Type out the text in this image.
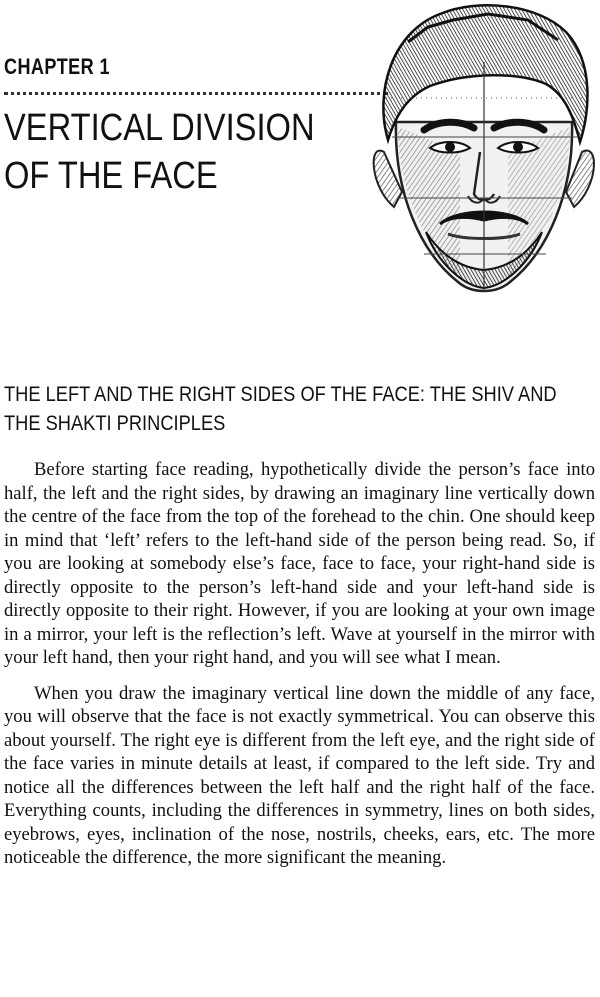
CHAPTER 1
VERTICAL DIVISION
OF THE FACE
THE LEFT AND THE RIGHT SIDES OF THE FACE: THE SHIV AND THE SHAKTI PRINCIPLES

Before starting face reading, hypothetically divide the person’s face into half, the left and the right sides, by drawing an imaginary line vertically down the centre of the face from the top of the forehead to the chin. One should keep in mind that ‘left’ refers to the left-hand side of the person being read. So, if you are looking at somebody else’s face, face to face, your right-hand side is directly opposite to the person’s left-hand side and your left-hand side is directly opposite to their right. However, if you are looking at your own image in a mirror, your left is the reflection’s left. Wave at yourself in the mirror with your left hand, then your right hand, and you will see what I mean.

When you draw the imaginary vertical line down the middle of any face, you will observe that the face is not exactly symmetrical. You can observe this about yourself. The right eye is different from the left eye, and the right side of the face varies in minute details at least, if compared to the left side. Try and notice all the differences between the left half and the right half of the face. Everything counts, including the differences in symmetry, lines on both sides, eyebrows, eyes, inclination of the nose, nostrils, cheeks, ears, etc. The more noticeable the difference, the more significant the meaning.
